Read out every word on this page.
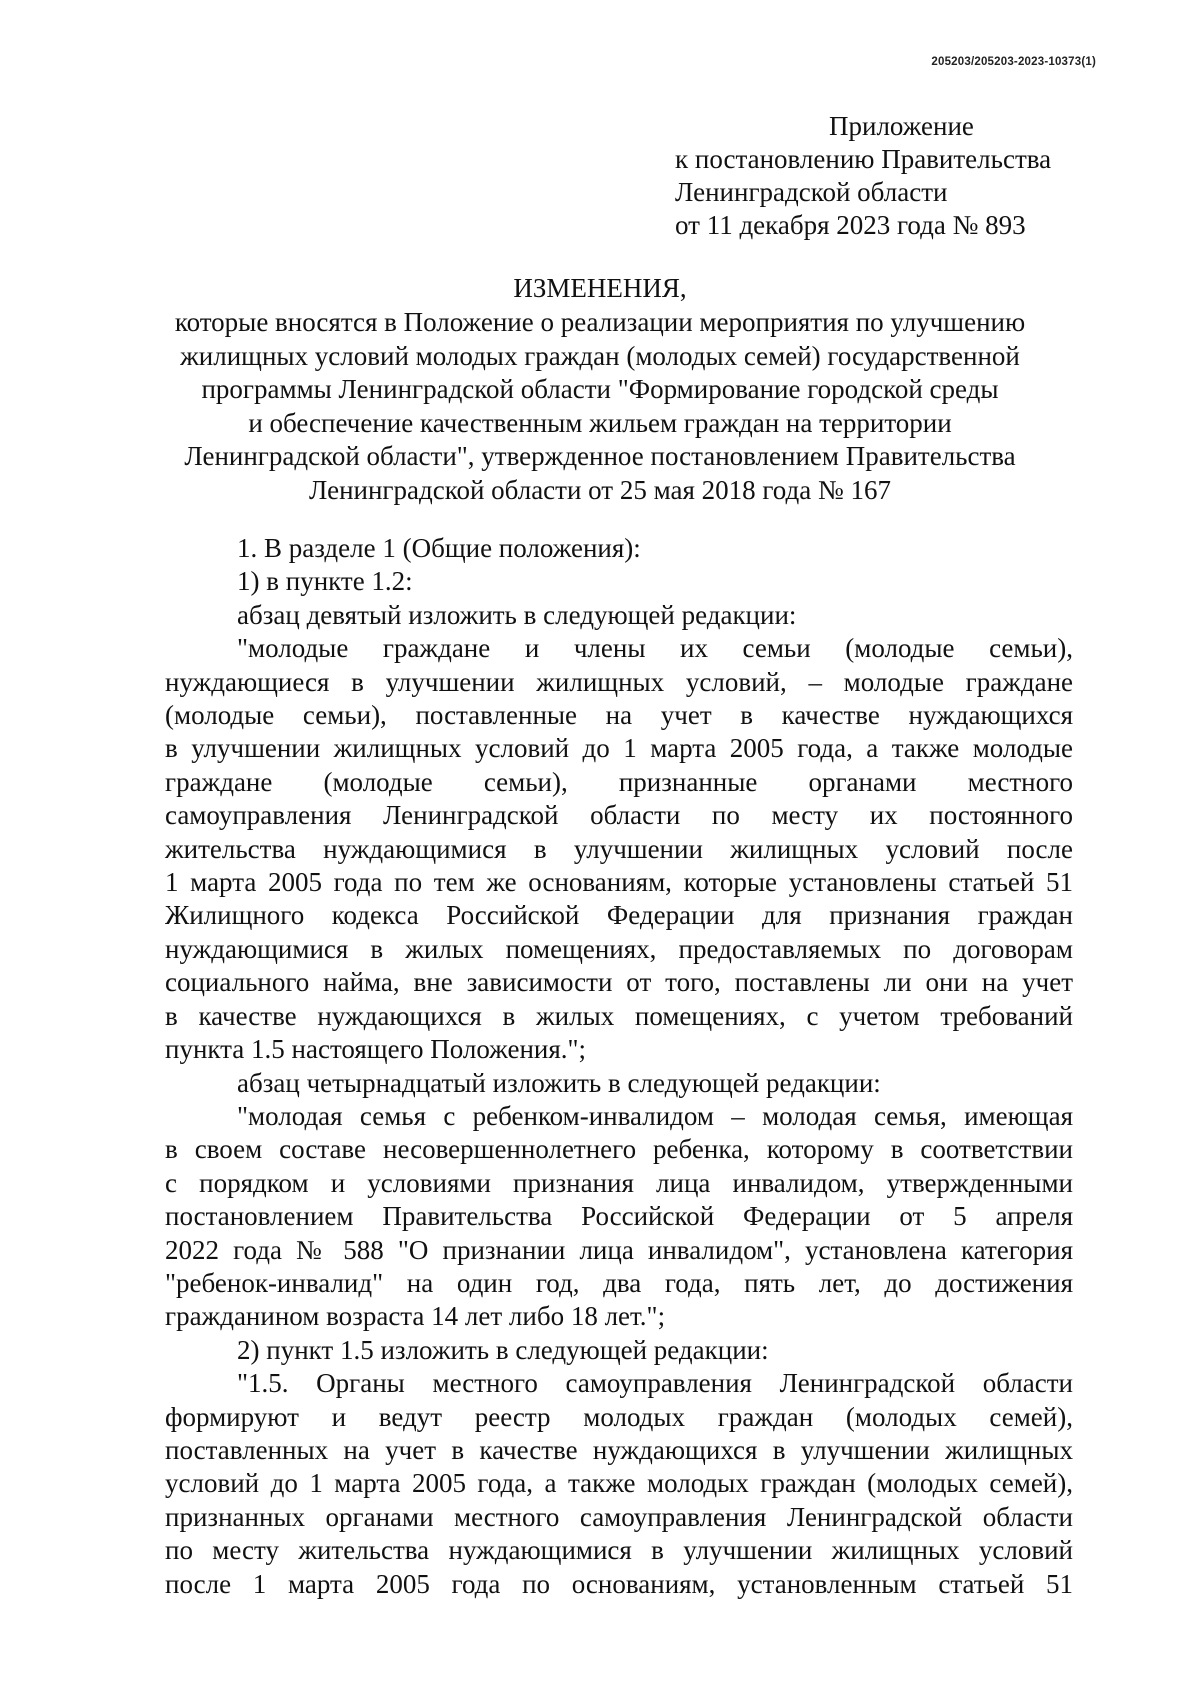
205203/205203-2023-10373(1)
Приложение
к постановлению Правительства
Ленинградской области
от 11 декабря 2023 года № 893
ИЗМЕНЕНИЯ,
которые вносятся в Положение о реализации мероприятия по улучшению
жилищных условий молодых граждан (молодых семей) государственной
программы Ленинградской области "Формирование городской среды
и обеспечение качественным жильем граждан на территории
Ленинградской области", утвержденное постановлением Правительства
Ленинградской области от 25 мая 2018 года № 167
1. В разделе 1 (Общие положения):
1) в пункте 1.2:
абзац девятый изложить в следующей редакции:
"молодые граждане и члены их семьи (молодые семьи),
нуждающиеся в улучшении жилищных условий, – молодые граждане
(молодые семьи), поставленные на учет в качестве нуждающихся
в улучшении жилищных условий до 1 марта 2005 года, а также молодые
граждане (молодые семьи), признанные органами местного
самоуправления Ленинградской области по месту их постоянного
жительства нуждающимися в улучшении жилищных условий после
1 марта 2005 года по тем же основаниям, которые установлены статьей 51
Жилищного кодекса Российской Федерации для признания граждан
нуждающимися в жилых помещениях, предоставляемых по договорам
социального найма, вне зависимости от того, поставлены ли они на учет
в качестве нуждающихся в жилых помещениях, с учетом требований
пункта 1.5 настоящего Положения.";
абзац четырнадцатый изложить в следующей редакции:
"молодая семья с ребенком-инвалидом – молодая семья, имеющая
в своем составе несовершеннолетнего ребенка, которому в соответствии
с порядком и условиями признания лица инвалидом, утвержденными
постановлением Правительства Российской Федерации от 5 апреля
2022 года № 588 "О признании лица инвалидом", установлена категория
"ребенок-инвалид" на один год, два года, пять лет, до достижения
гражданином возраста 14 лет либо 18 лет.";
2) пункт 1.5 изложить в следующей редакции:
"1.5. Органы местного самоуправления Ленинградской области
формируют и ведут реестр молодых граждан (молодых семей),
поставленных на учет в качестве нуждающихся в улучшении жилищных
условий до 1 марта 2005 года, а также молодых граждан (молодых семей),
признанных органами местного самоуправления Ленинградской области
по месту жительства нуждающимися в улучшении жилищных условий
после 1 марта 2005 года по основаниям, установленным статьей 51
